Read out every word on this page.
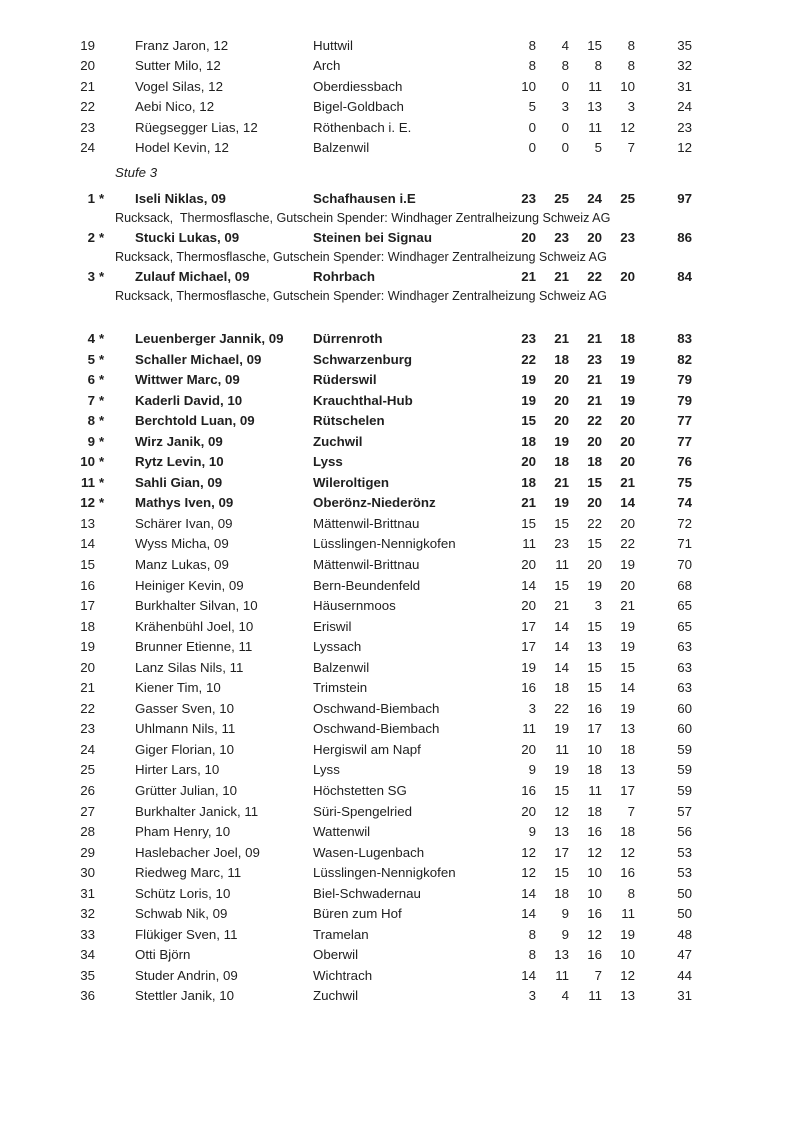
19	Franz Jaron, 12	Huttwil	8	4	15	8	35
20	Sutter Milo, 12	Arch	8	8	8	8	32
21	Vogel Silas, 12	Oberdiessbach	10	0	11	10	31
22	Aebi Nico, 12	Bigel-Goldbach	5	3	13	3	24
23	Rüegsegger Lias, 12	Röthenbach i. E.	0	0	11	12	23
24	Hodel Kevin, 12	Balzenwil	0	0	5	7	12
Stufe 3
1 *	Iseli Niklas, 09	Schafhausen i.E	23	25	24	25	97
Rucksack,  Thermosflasche, Gutschein Spender: Windhager Zentralheizung Schweiz AG
2 *	Stucki Lukas, 09	Steinen bei Signau	20	23	20	23	86
Rucksack, Thermosflasche, Gutschein Spender: Windhager Zentralheizung Schweiz AG
3 *	Zulauf Michael, 09	Rohrbach	21	21	22	20	84
Rucksack, Thermosflasche, Gutschein Spender: Windhager Zentralheizung Schweiz AG
4 *	Leuenberger Jannik, 09	Dürrenroth	23	21	21	18	83
5 *	Schaller Michael, 09	Schwarzenburg	22	18	23	19	82
6 *	Wittwer Marc, 09	Rüderswil	19	20	21	19	79
7 *	Kaderli David, 10	Krauchthal-Hub	19	20	21	19	79
8 *	Berchtold Luan, 09	Rütschelen	15	20	22	20	77
9 *	Wirz Janik, 09	Zuchwil	18	19	20	20	77
10 *	Rytz Levin, 10	Lyss	20	18	18	20	76
11 *	Sahli Gian, 09	Wileroltigen	18	21	15	21	75
12 *	Mathys Iven, 09	Oberönz-Niederönz	21	19	20	14	74
13	Schärer Ivan, 09	Mättenwil-Brittnau	15	15	22	20	72
14	Wyss Micha, 09	Lüsslingen-Nennigkofen	11	23	15	22	71
15	Manz Lukas, 09	Mättenwil-Brittnau	20	11	20	19	70
16	Heiniger Kevin, 09	Bern-Beundenfeld	14	15	19	20	68
17	Burkhalter Silvan, 10	Häusernmoos	20	21	3	21	65
18	Krähenbühl Joel, 10	Eriswil	17	14	15	19	65
19	Brunner Etienne, 11	Lyssach	17	14	13	19	63
20	Lanz Silas Nils, 11	Balzenwil	19	14	15	15	63
21	Kiener Tim, 10	Trimstein	16	18	15	14	63
22	Gasser Sven, 10	Oschwand-Biembach	3	22	16	19	60
23	Uhlmann Nils, 11	Oschwand-Biembach	11	19	17	13	60
24	Giger Florian, 10	Hergiswil am Napf	20	11	10	18	59
25	Hirter Lars, 10	Lyss	9	19	18	13	59
26	Grütter Julian, 10	Höchstetten SG	16	15	11	17	59
27	Burkhalter Janick, 11	Süri-Spengelried	20	12	18	7	57
28	Pham Henry, 10	Wattenwil	9	13	16	18	56
29	Haslebacher Joel, 09	Wasen-Lugenbach	12	17	12	12	53
30	Riedweg Marc, 11	Lüsslingen-Nennigkofen	12	15	10	16	53
31	Schütz Loris, 10	Biel-Schwadernau	14	18	10	8	50
32	Schwab Nik, 09	Büren zum Hof	14	9	16	11	50
33	Flükiger Sven, 11	Tramelan	8	9	12	19	48
34	Otti Björn	Oberwil	8	13	16	10	47
35	Studer Andrin, 09	Wichtrach	14	11	7	12	44
36	Stettler Janik, 10	Zuchwil	3	4	11	13	31
